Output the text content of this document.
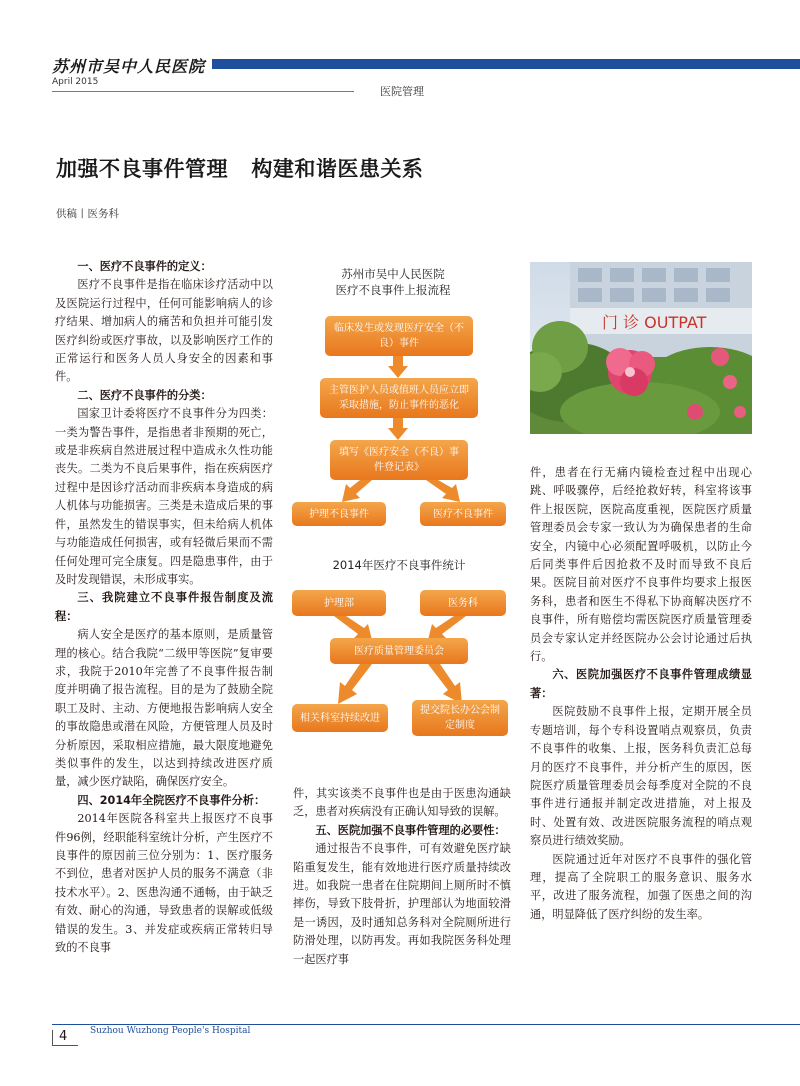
苏州市吴中人民医院
April 2015
医院管理
加强不良事件管理   构建和谐医患关系
供稿丨医务科
一、医疗不良事件的定义：

医疗不良事件是指在临床诊疗活动中以及医院运行过程中，任何可能影响病人的诊疗结果、增加病人的痛苦和负担并可能引发医疗纠纷或医疗事故，以及影响医疗工作的正常运行和医务人员人身安全的因素和事件。

二、医疗不良事件的分类：

国家卫计委将医疗不良事件分为四类：一类为警告事件，是指患者非预期的死亡，或是非疾病自然进展过程中造成永久性功能丧失。二类为不良后果事件，指在疾病医疗过程中是因诊疗活动而非疾病本身造成的病人机体与功能损害。三类是未造成后果的事件，虽然发生的错误事实，但未给病人机体与功能造成任何损害，或有轻微后果而不需任何处理可完全康复。四是隐患事件，由于及时发现错误，未形成事实。

三、我院建立不良事件报告制度及流程：

病人安全是医疗的基本原则，是质量管理的核心。结合我院“二级甲等医院”复审要求，我院于2010年完善了不良事件报告制度并明确了报告流程。目的是为了鼓励全院职工及时、主动、方便地报告影响病人安全的事故隐患或潜在风险，方便管理人员及时分析原因，采取相应措施，最大限度地避免类似事件的发生，以达到持续改进医疗质量，减少医疗缺陷，确保医疗安全。

四、2014年全院医疗不良事件分析：

2014年医院各科室共上报医疗不良事件96例，经职能科室统计分析，产生医疗不良事件的原因前三位分别为：1、医疗服务不到位，患者对医护人员的服务不满意（非技术水平）。2、医患沟通不通畅，由于缺乏有效、耐心的沟通，导致患者的误解或低级错误的发生。3、并发症或疾病正常转归导致的不良事

苏州市吴中人民医院
医疗不良事件上报流程
临床发生或发现医疗安全（不良）事件
主管医护人员或值班人员应立即采取措施，防止事件的恶化
填写《医疗安全（不良）事件登记表》
护理不良事件	医疗不良事件
2014年医疗不良事件统计
护理部	医务科
医疗质量管理委员会
相关科室持续改进
提交院长办公会制定制度

件，其实该类不良事件也是由于医患沟通缺乏，患者对疾病没有正确认知导致的误解。

五、医院加强不良事件管理的必要性：

通过报告不良事件，可有效避免医疗缺陷重复发生，能有效地进行医疗质量持续改进。如我院一患者在住院期间上厕所时不慎摔伤，导致下肢骨折，护理部认为地面较滑是一诱因，及时通知总务科对全院厕所进行防滑处理，以防再发。再如我院医务科处理一起医疗事

门 诊 OUTPAT

件，患者在行无痛内镜检查过程中出现心跳、呼吸骤停，后经抢救好转，科室将该事件上报医院，医院高度重视，医院医疗质量管理委员会专家一致认为为确保患者的生命安全，内镜中心必须配置呼吸机，以防止今后同类事件后因抢救不及时而导致不良后果。医院目前对医疗不良事件均要求上报医务科，患者和医生不得私下协商解决医疗不良事件，所有赔偿均需医院医疗质量管理委员会专家认定并经医院办公会讨论通过后执行。

六、医院加强医疗不良事件管理成绩显著：

医院鼓励不良事件上报，定期开展全员专题培训，每个专科设置哨点观察员，负责不良事件的收集、上报，医务科负责汇总每月的医疗不良事件，并分析产生的原因，医院医疗质量管理委员会每季度对全院的不良事件进行通报并制定改进措施，对上报及时、处置有效、改进医院服务流程的哨点观察员进行绩效奖励。

医院通过近年对医疗不良事件的强化管理，提高了全院职工的服务意识、服务水平，改进了服务流程，加强了医患之间的沟通，明显降低了医疗纠纷的发生率。

4	Suzhou Wuzhong People's Hospital
